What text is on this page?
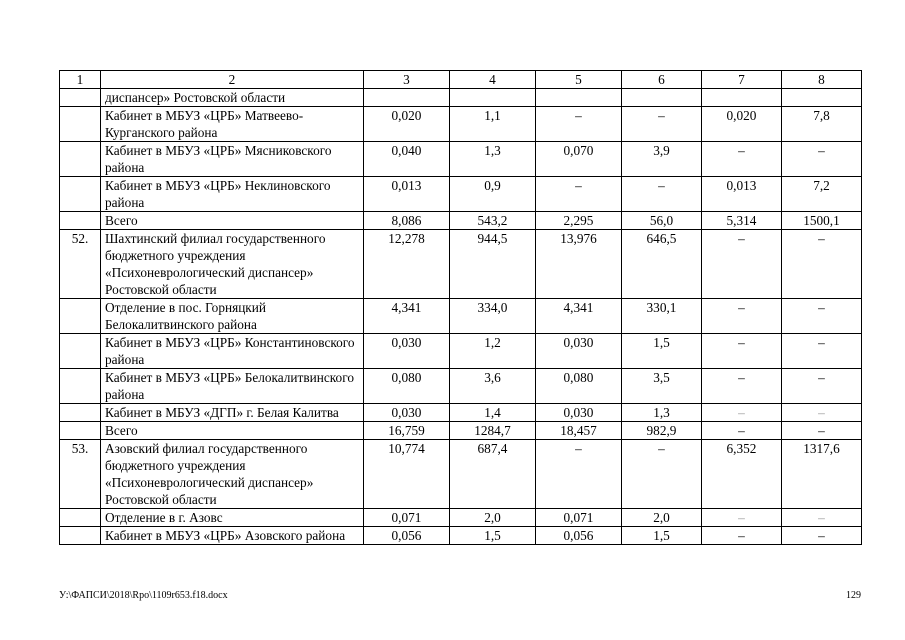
1	2	3	4	5	6	7	8
	диспансер» Ростовской области						
	Кабинет в МБУЗ «ЦРБ» Матвеево-Курганского района	0,020	1,1	–	–	0,020	7,8
	Кабинет в МБУЗ «ЦРБ» Мясниковского района	0,040	1,3	0,070	3,9	–	–
	Кабинет в МБУЗ «ЦРБ» Неклиновского района	0,013	0,9	–	–	0,013	7,2
	Всего	8,086	543,2	2,295	56,0	5,314	1500,1
52.	Шахтинский филиал государственного бюджетного учреждения «Психоневрологический диспансер» Ростовской области	12,278	944,5	13,976	646,5	–	–
	Отделение в пос. Горняцкий Белокалитвинского района	4,341	334,0	4,341	330,1	–	–
	Кабинет в МБУЗ «ЦРБ» Константиновского района	0,030	1,2	0,030	1,5	–	–
	Кабинет в МБУЗ «ЦРБ» Белокалитвинского района	0,080	3,6	0,080	3,5	–	–
	Кабинет в МБУЗ «ДГП» г. Белая Калитва	0,030	1,4	0,030	1,3	–	–
	Всего	16,759	1284,7	18,457	982,9	–	–
53.	Азовский филиал государственного бюджетного учреждения «Психоневрологический диспансер» Ростовской области	10,774	687,4	–	–	6,352	1317,6
	Отделение в г. Азовс	0,071	2,0	0,071	2,0	–	–
	Кабинет в МБУЗ «ЦРБ» Азовского района	0,056	1,5	0,056	1,5	–	–
У:\ФАПСИ\2018\Rpo\1109r653.f18.docx	129
